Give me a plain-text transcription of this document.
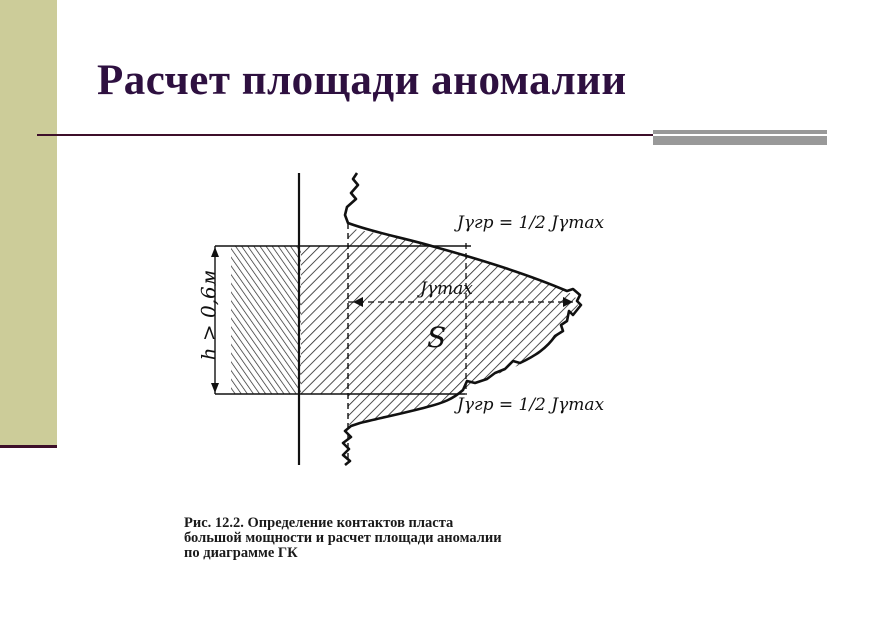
Расчет площади аномалии
h > 0,6м	S
Jγmax
Jγгр = 1/2 Jγmax
Jγгр = 1/2 Jγmax

Рис. 12.2. Определение контактов пласта
большой мощности и расчет площади аномалии
по диаграмме ГК
